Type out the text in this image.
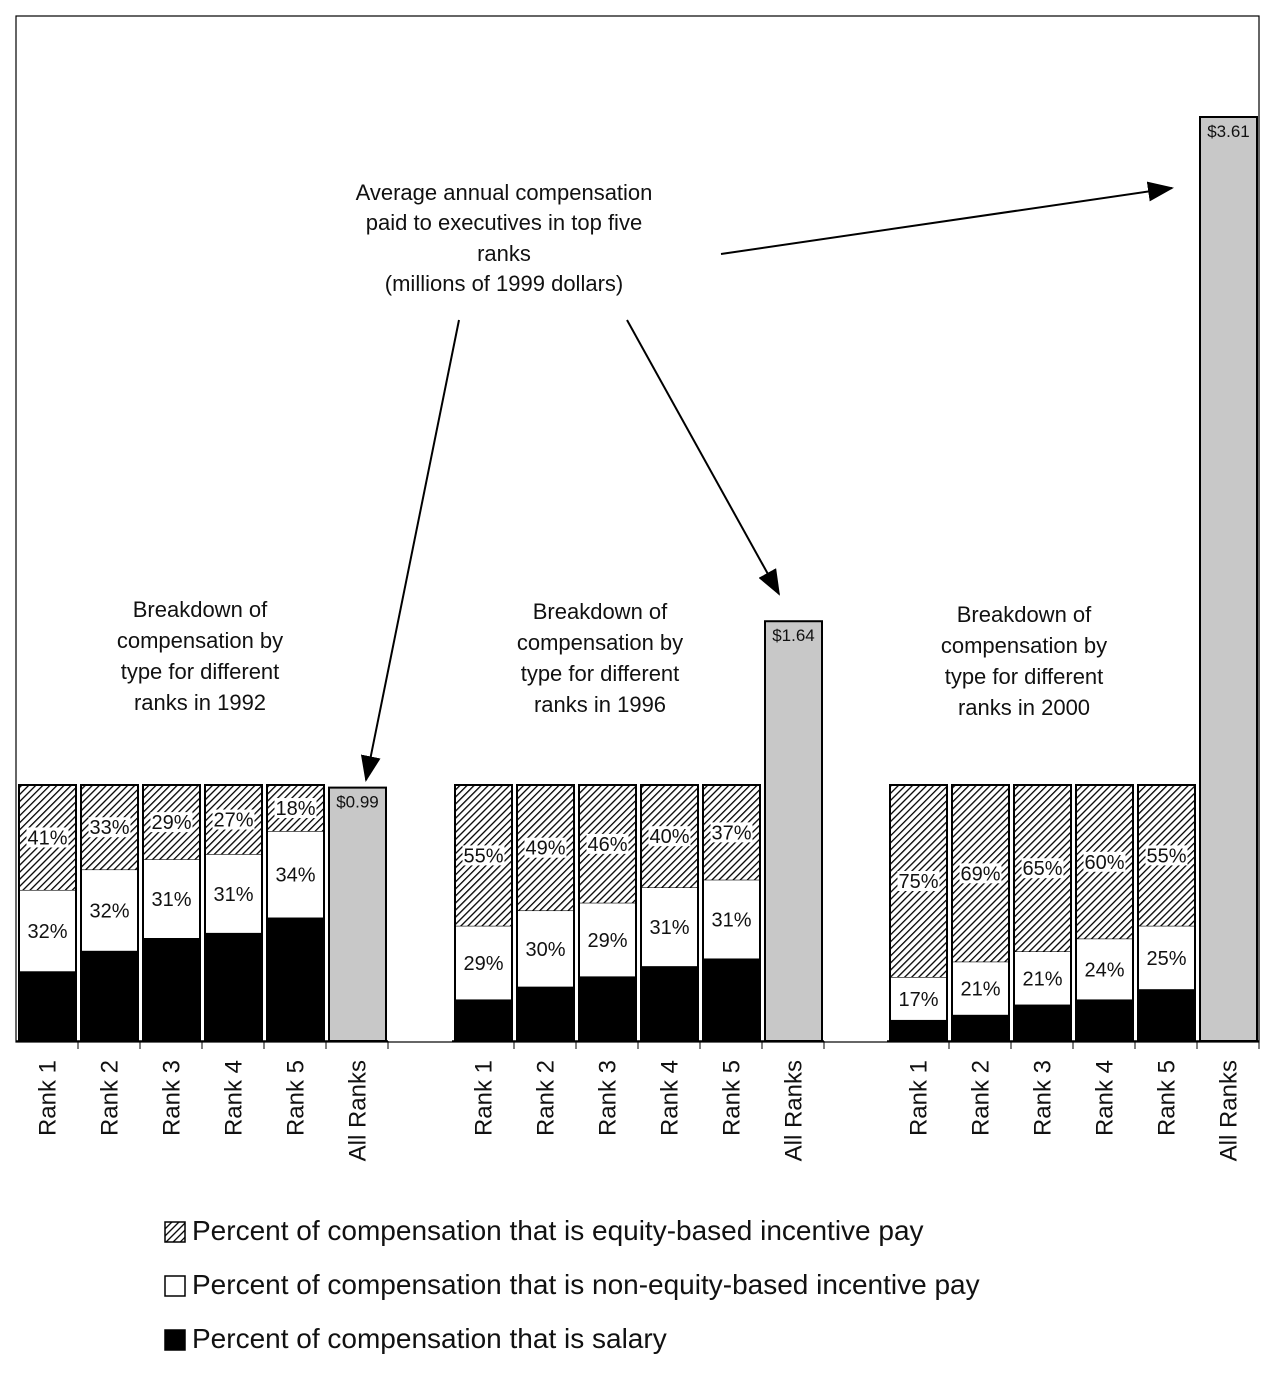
Average annual compensation
paid to executives in top five
ranks
(millions of 1999 dollars)
41%
32%
33%
32%
29%
31%
27%
31%
18%
34%
$0.99
55%
29%
49%
30%
46%
29%
40%
31%
37%
31%
$1.64
75%
17%
69%
21%
65%
21%
60%
24%
55%
25%
$3.61
Breakdown of
compensation by
type for different
ranks in 1992
Breakdown of
compensation by
type for different
ranks in 1996
Breakdown of
compensation by
type for different
ranks in 2000
Rank 1 Rank 2 Rank 3 Rank 4 Rank 5 All Ranks	Rank 1 Rank 2 Rank 3 Rank 4 Rank 5 All Ranks	Rank 1 Rank 2 Rank 3 Rank 4 Rank 5 All Ranks
Percent of compensation that is equity-based incentive pay
Percent of compensation that is non-equity-based incentive pay
Percent of compensation that is salary
